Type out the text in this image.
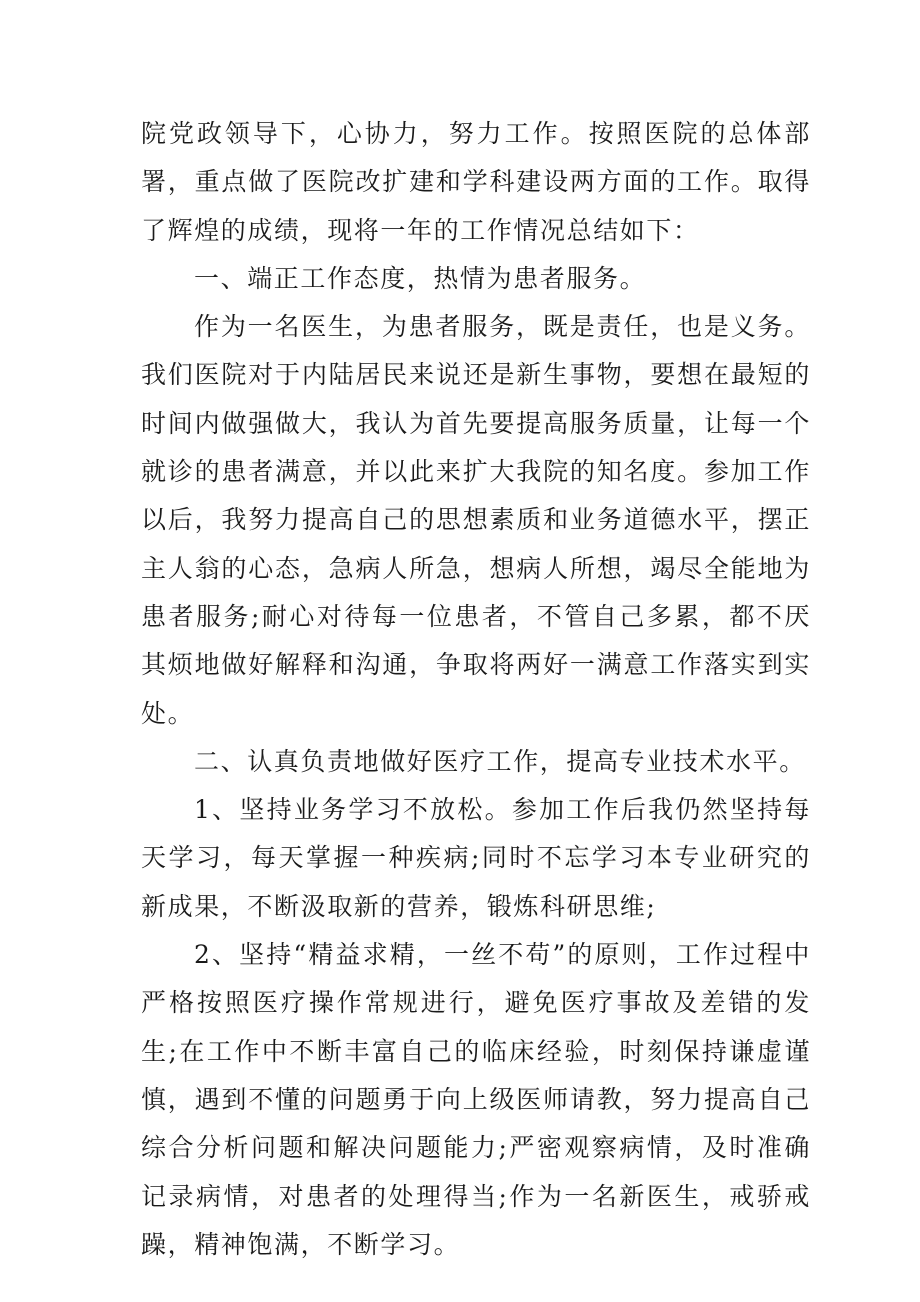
院党政领导下，心协力，努力工作。按照医院的总体部署，重点做了医院改扩建和学科建设两方面的工作。取得了辉煌的成绩，现将一年的工作情况总结如下：

一、端正工作态度，热情为患者服务。

作为一名医生，为患者服务，既是责任，也是义务。我们医院对于内陆居民来说还是新生事物，要想在最短的时间内做强做大，我认为首先要提高服务质量，让每一个就诊的患者满意，并以此来扩大我院的知名度。参加工作以后，我努力提高自己的思想素质和业务道德水平，摆正主人翁的心态，急病人所急，想病人所想，竭尽全能地为患者服务;耐心对待每一位患者，不管自己多累，都不厌其烦地做好解释和沟通，争取将两好一满意工作落实到实处。

二、认真负责地做好医疗工作，提高专业技术水平。

1、坚持业务学习不放松。参加工作后我仍然坚持每天学习，每天掌握一种疾病;同时不忘学习本专业研究的新成果，不断汲取新的营养，锻炼科研思维;

2、坚持“精益求精，一丝不苟”的原则，工作过程中严格按照医疗操作常规进行，避免医疗事故及差错的发生;在工作中不断丰富自己的临床经验，时刻保持谦虚谨慎，遇到不懂的问题勇于向上级医师请教，努力提高自己综合分析问题和解决问题能力;严密观察病情，及时准确记录病情，对患者的处理得当;作为一名新医生，戒骄戒躁，精神饱满，不断学习。
